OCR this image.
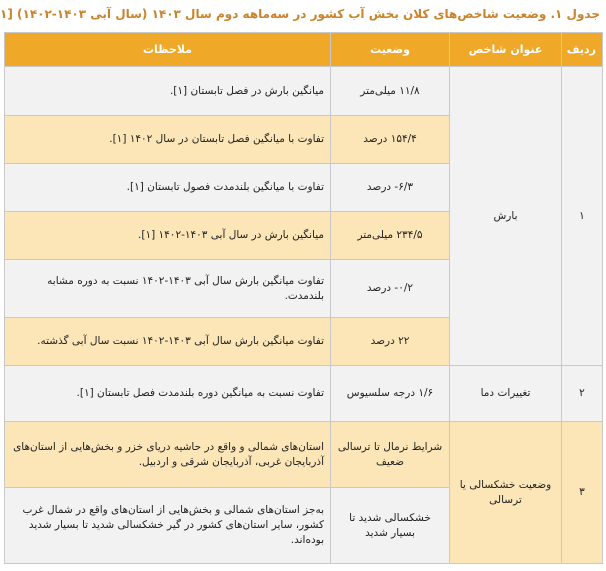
جدول ۱. وضعیت شاخص‌های کلان بخش آب کشور در سه‌ماهه دوم سال ۱۴۰۳ (سال آبی ۱۴۰۳-۱۴۰۲) [۱
ردیف	عنوان شاخص	وضعیت	ملاحظات
۱	بارش	۱۱/۸ میلی‌متر	میانگین بارش در فصل تابستان [۱].
		۱۵۴/۴ درصد	تفاوت با میانگین فصل تابستان در سال ۱۴۰۲ [۱].
		۶/۳- درصد	تفاوت با میانگین بلندمدت فصول تابستان [۱].
		۲۳۴/۵ میلی‌متر	میانگین بارش در سال آبی ۱۴۰۳-۱۴۰۲ [۱].
		۰/۲- درصد	تفاوت میانگین بارش سال آبی ۱۴۰۳-۱۴۰۲ نسبت به دوره مشابه بلندمدت.
		۲۲ درصد	تفاوت میانگین بارش سال آبی ۱۴۰۳-۱۴۰۲ نسبت سال آبی گذشته.
۲	تغییرات دما	۱/۶ درجه سلسیوس	تفاوت نسبت به میانگین دوره بلندمدت فصل تابستان [۱].
۳	وضعیت خشکسالی یا ترسالی	شرایط نرمال تا ترسالی ضعیف	استان‌های شمالی و واقع در حاشیه دریای خزر و بخش‌هایی از استان‌های آذربایجان غربی، آذربایجان شرقی و اردبیل.
		خشکسالی شدید تا بسیار شدید	به‌جز استان‌های شمالی و بخش‌هایی از استان‌های واقع در شمال غرب کشور، سایر استان‌های کشور در گیر خشکسالی شدید تا بسیار شدید بوده‌اند.
